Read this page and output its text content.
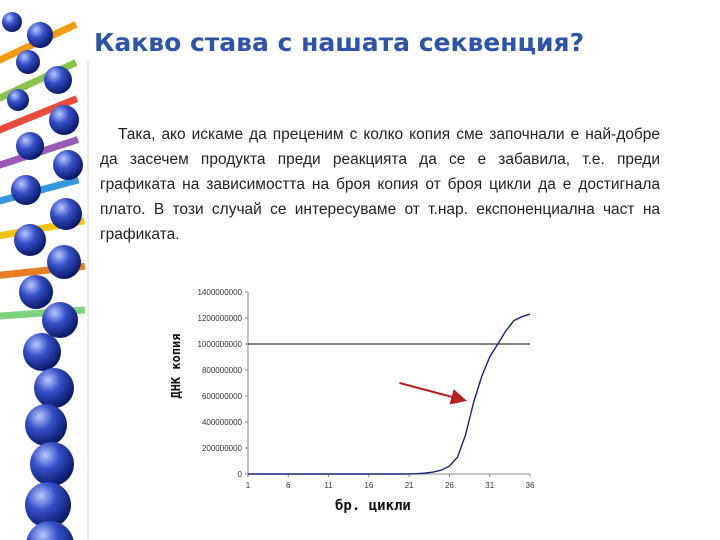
Какво става с нашата секвенция?

Така, ако искаме да преценим с колко копия сме започнали е най-добре да засечем продукта преди реакцията да се е забавила, т.е. преди графиката на зависимостта на броя копия от броя цикли да е достигнала плато. В този случай се интересуваме от т.нар. експоненциална част на графиката.

0
200000000
400000000
600000000
800000000
1000000000
1200000000
1400000000
1	6	11	16	21	26	31	36
ДНК копия
бр. цикли
